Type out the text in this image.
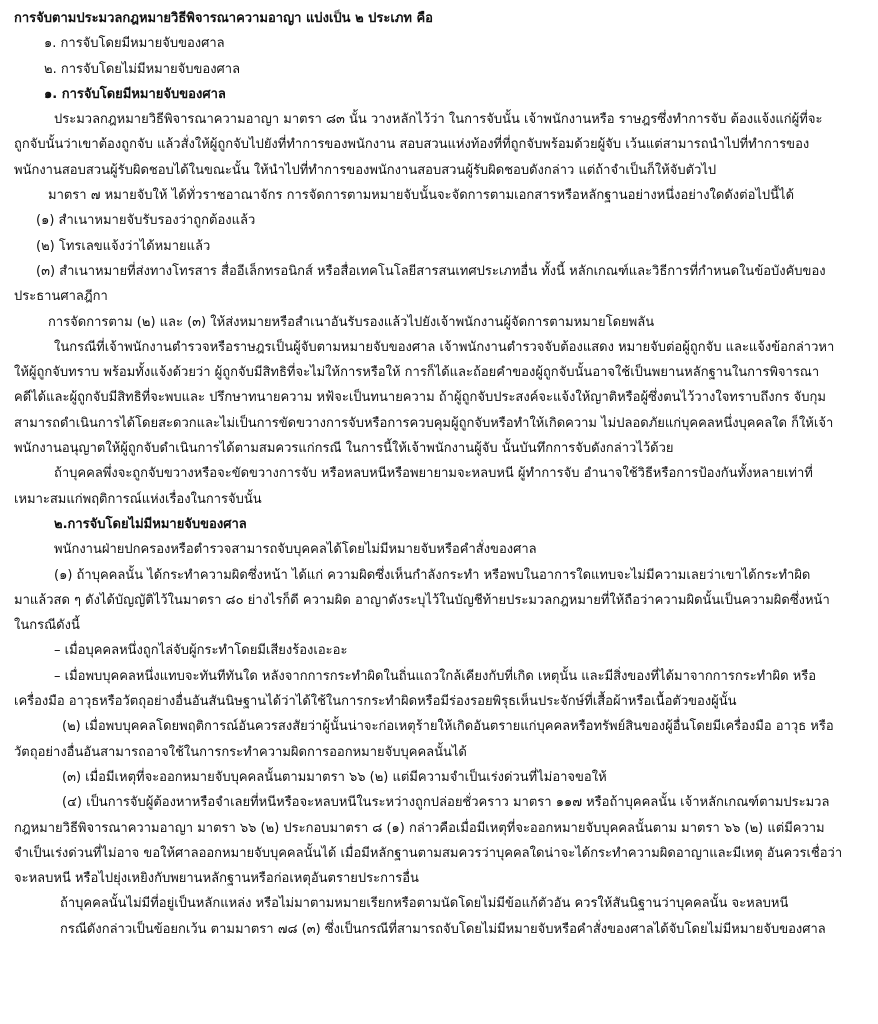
การจับตามประมวลกฎหมายวิธีพิจารณาความอาญา แบ่งเป็น ๒ ประเภท คือ
๑. การจับโดยมีหมายจับของศาล
๒. การจับโดยไม่มีหมายจับของศาล
๑. การจับโดยมีหมายจับของศาล
ประมวลกฎหมายวิธีพิจารณาความอาญา มาตรา ๘๓ นั้น วางหลักไว้ว่า ในการจับนั้น เจ้าพนักงานหรือ ราษฎรซึ่งทำการจับ ต้องแจ้งแก่ผู้ที่จะ
ถูกจับนั้นว่าเขาต้องถูกจับ แล้วสั่งให้ผู้ถูกจับไปยังที่ทำการของพนักงาน สอบสวนแห่งท้องที่ที่ถูกจับพร้อมด้วยผู้จับ เว้นแต่สามารถนำไปที่ทำการของ
พนักงานสอบสวนผู้รับผิดชอบได้ในขณะนั้น ให้นำไปที่ทำการของพนักงานสอบสวนผู้รับผิดชอบดังกล่าว แต่ถ้าจำเป็นก็ให้จับตัวไป
มาตรา ๗ หมายจับให้ ได้ทั่วราชอาณาจักร การจัดการตามหมายจับนั้นจะจัดการตามเอกสารหรือหลักฐานอย่างหนึ่งอย่างใดดังต่อไปนี้ได้
(๑) สำเนาหมายจับรับรองว่าถูกต้องแล้ว
(๒) โทรเลขแจ้งว่าได้หมายแล้ว
(๓) สำเนาหมายที่ส่งทางโทรสาร สื่ออีเล็กทรอนิกส์ หรือสื่อเทคโนโลยีสารสนเทศประเภทอื่น ทั้งนี้ หลักเกณฑ์และวิธีการที่กำหนดในข้อบังคับของ
ประธานศาลฎีกา
การจัดการตาม (๒) และ (๓) ให้ส่งหมายหรือสำเนาอันรับรองแล้วไปยังเจ้าพนักงานผู้จัดการตามหมายโดยพลัน
ในกรณีที่เจ้าพนักงานตำรวจหรือราษฎรเป็นผู้จับตามหมายจับของศาล เจ้าพนักงานตำรวจจับต้องแสดง หมายจับต่อผู้ถูกจับ และแจ้งข้อกล่าวหา
ให้ผู้ถูกจับทราบ พร้อมทั้งแจ้งด้วยว่า ผู้ถูกจับมีสิทธิที่จะไม่ให้การหรือให้ การก็ได้และถ้อยคำของผู้ถูกจับนั้นอาจใช้เป็นพยานหลักฐานในการพิจารณา
คดีได้และผู้ถูกจับมีสิทธิที่จะพบและ ปรึกษาทนายความ หฟ้จะเป็นทนายความ ถ้าผู้ถูกจับประสงค์จะแจ้งให้ญาติหรือผู้ซึ่งตนไว้วางใจทราบถึงกร จับกุม
สามารถดำเนินการได้โดยสะดวกและไม่เป็นการขัดขวางการจับหรือการควบคุมผู้ถูกจับหรือทำให้เกิดความ ไม่ปลอดภัยแก่บุคคลหนึ่งบุคคลใด ก็ให้เจ้า
พนักงานอนุญาตให้ผู้ถูกจับดำเนินการได้ตามสมควรแก่กรณี ในการนี้ให้เจ้าพนักงานผู้จับ นั้นบันทึกการจับดังกล่าวไว้ด้วย
ถ้าบุคคลพึ่งจะถูกจับขวางหรือจะขัดขวางการจับ หรือหลบหนีหรือพยายามจะหลบหนี ผู้ทำการจับ อำนาจใช้วิธีหรือการป้องกันทั้งหลายเท่าที่
เหมาะสมแก่พฤติการณ์แห่งเรื่องในการจับนั้น
๒.การจับโดยไม่มีหมายจับของศาล
พนักงานฝ่ายปกครองหรือตำรวจสามารถจับบุคคลได้โดยไม่มีหมายจับหรือคำสั่งของศาล
(๑) ถ้าบุคคลนั้น ได้กระทำความผิดซึ่งหน้า ได้แก่ ความผิดซึ่งเห็นกำลังกระทำ หรือพบในอาการใดแทบจะไม่มีความเลยว่าเขาได้กระทำผิด
มาแล้วสด ๆ ดังได้บัญญัติไว้ในมาตรา ๘๐ ย่างไรก็ดี ความผิด อาญาดังระบุไว้ในบัญชีท้ายประมวลกฎหมายที่ให้ถือว่าความผิดนั้นเป็นความผิดซึ่งหน้า
ในกรณีดังนี้
– เมื่อบุคคลหนึ่งถูกไล่จับผู้กระทำโดยมีเสียงร้องเอะอะ
– เมื่อพบบุคคลหนึ่งแทบจะทันทีทันใด หลังจากการกระทำผิดในถิ่นแถวใกล้เคียงกับที่เกิด เหตุนั้น และมีสิ่งของที่ได้มาจากการกระทำผิด หรือ
เครื่องมือ อาวุธหรือวัตถุอย่างอื่นอันสันนิษฐานได้ว่าได้ใช้ในการกระทำผิดหรือมีร่องรอยพิรุธเห็นประจักษ์ที่เสื้อผ้าหรือเนื้อตัวของผู้นั้น
(๒) เมื่อพบบุคคลโดยพฤติการณ์อันควรสงสัยว่าผู้นั้นน่าจะก่อเหตุร้ายให้เกิดอันตรายแก่บุคคลหรือทรัพย์สินของผู้อื่นโดยมีเครื่องมือ อาวุธ หรือ
วัตถุอย่างอื่นอันสามารถอาจใช้ในการกระทำความผิดการออกหมายจับบุคคลนั้นได้
(๓) เมื่อมีเหตุที่จะออกหมายจับบุคคลนั้นตามมาตรา ๖๖ (๒) แต่มีความจำเป็นเร่งด่วนที่ไม่อาจขอให้
(๔) เป็นการจับผู้ต้องหาหรือจำเลยที่หนีหรือจะหลบหนีในระหว่างถูกปล่อยชั่วคราว มาตรา ๑๑๗ หรือถ้าบุคคลนั้น เจ้าหลักเกณฑ์ตามประมวล
กฎหมายวิธีพิจารณาความอาญา มาตรา ๖๖ (๒) ประกอบมาตรา ๘ (๑) กล่าวคือเมื่อมีเหตุที่จะออกหมายจับบุคคลนั้นตาม มาตรา ๖๖ (๒) แต่มีความ
จำเป็นเร่งด่วนที่ไม่อาจ ขอให้ศาลออกหมายจับบุคคลนั้นได้ เมื่อมีหลักฐานตามสมควรว่าบุคคลใดน่าจะได้กระทำความผิดอาญาและมีเหตุ อันควรเชื่อว่า
จะหลบหนี หรือไปยุ่งเหยิงกับพยานหลักฐานหรือก่อเหตุอันตรายประการอื่น
ถ้าบุคคลนั้นไม่มีที่อยู่เป็นหลักแหล่ง หรือไม่มาตามหมายเรียกหรือตามนัดโดยไม่มีข้อแก้ตัวอัน ควรให้สันนิฐานว่าบุคคลนั้น จะหลบหนี
กรณีดังกล่าวเป็นข้อยกเว้น ตามมาตรา ๗๘ (๓) ซึ่งเป็นกรณีที่สามารถจับโดยไม่มีหมายจับหรือคำสั่งของศาลได้จับโดยไม่มีหมายจับของศาล
